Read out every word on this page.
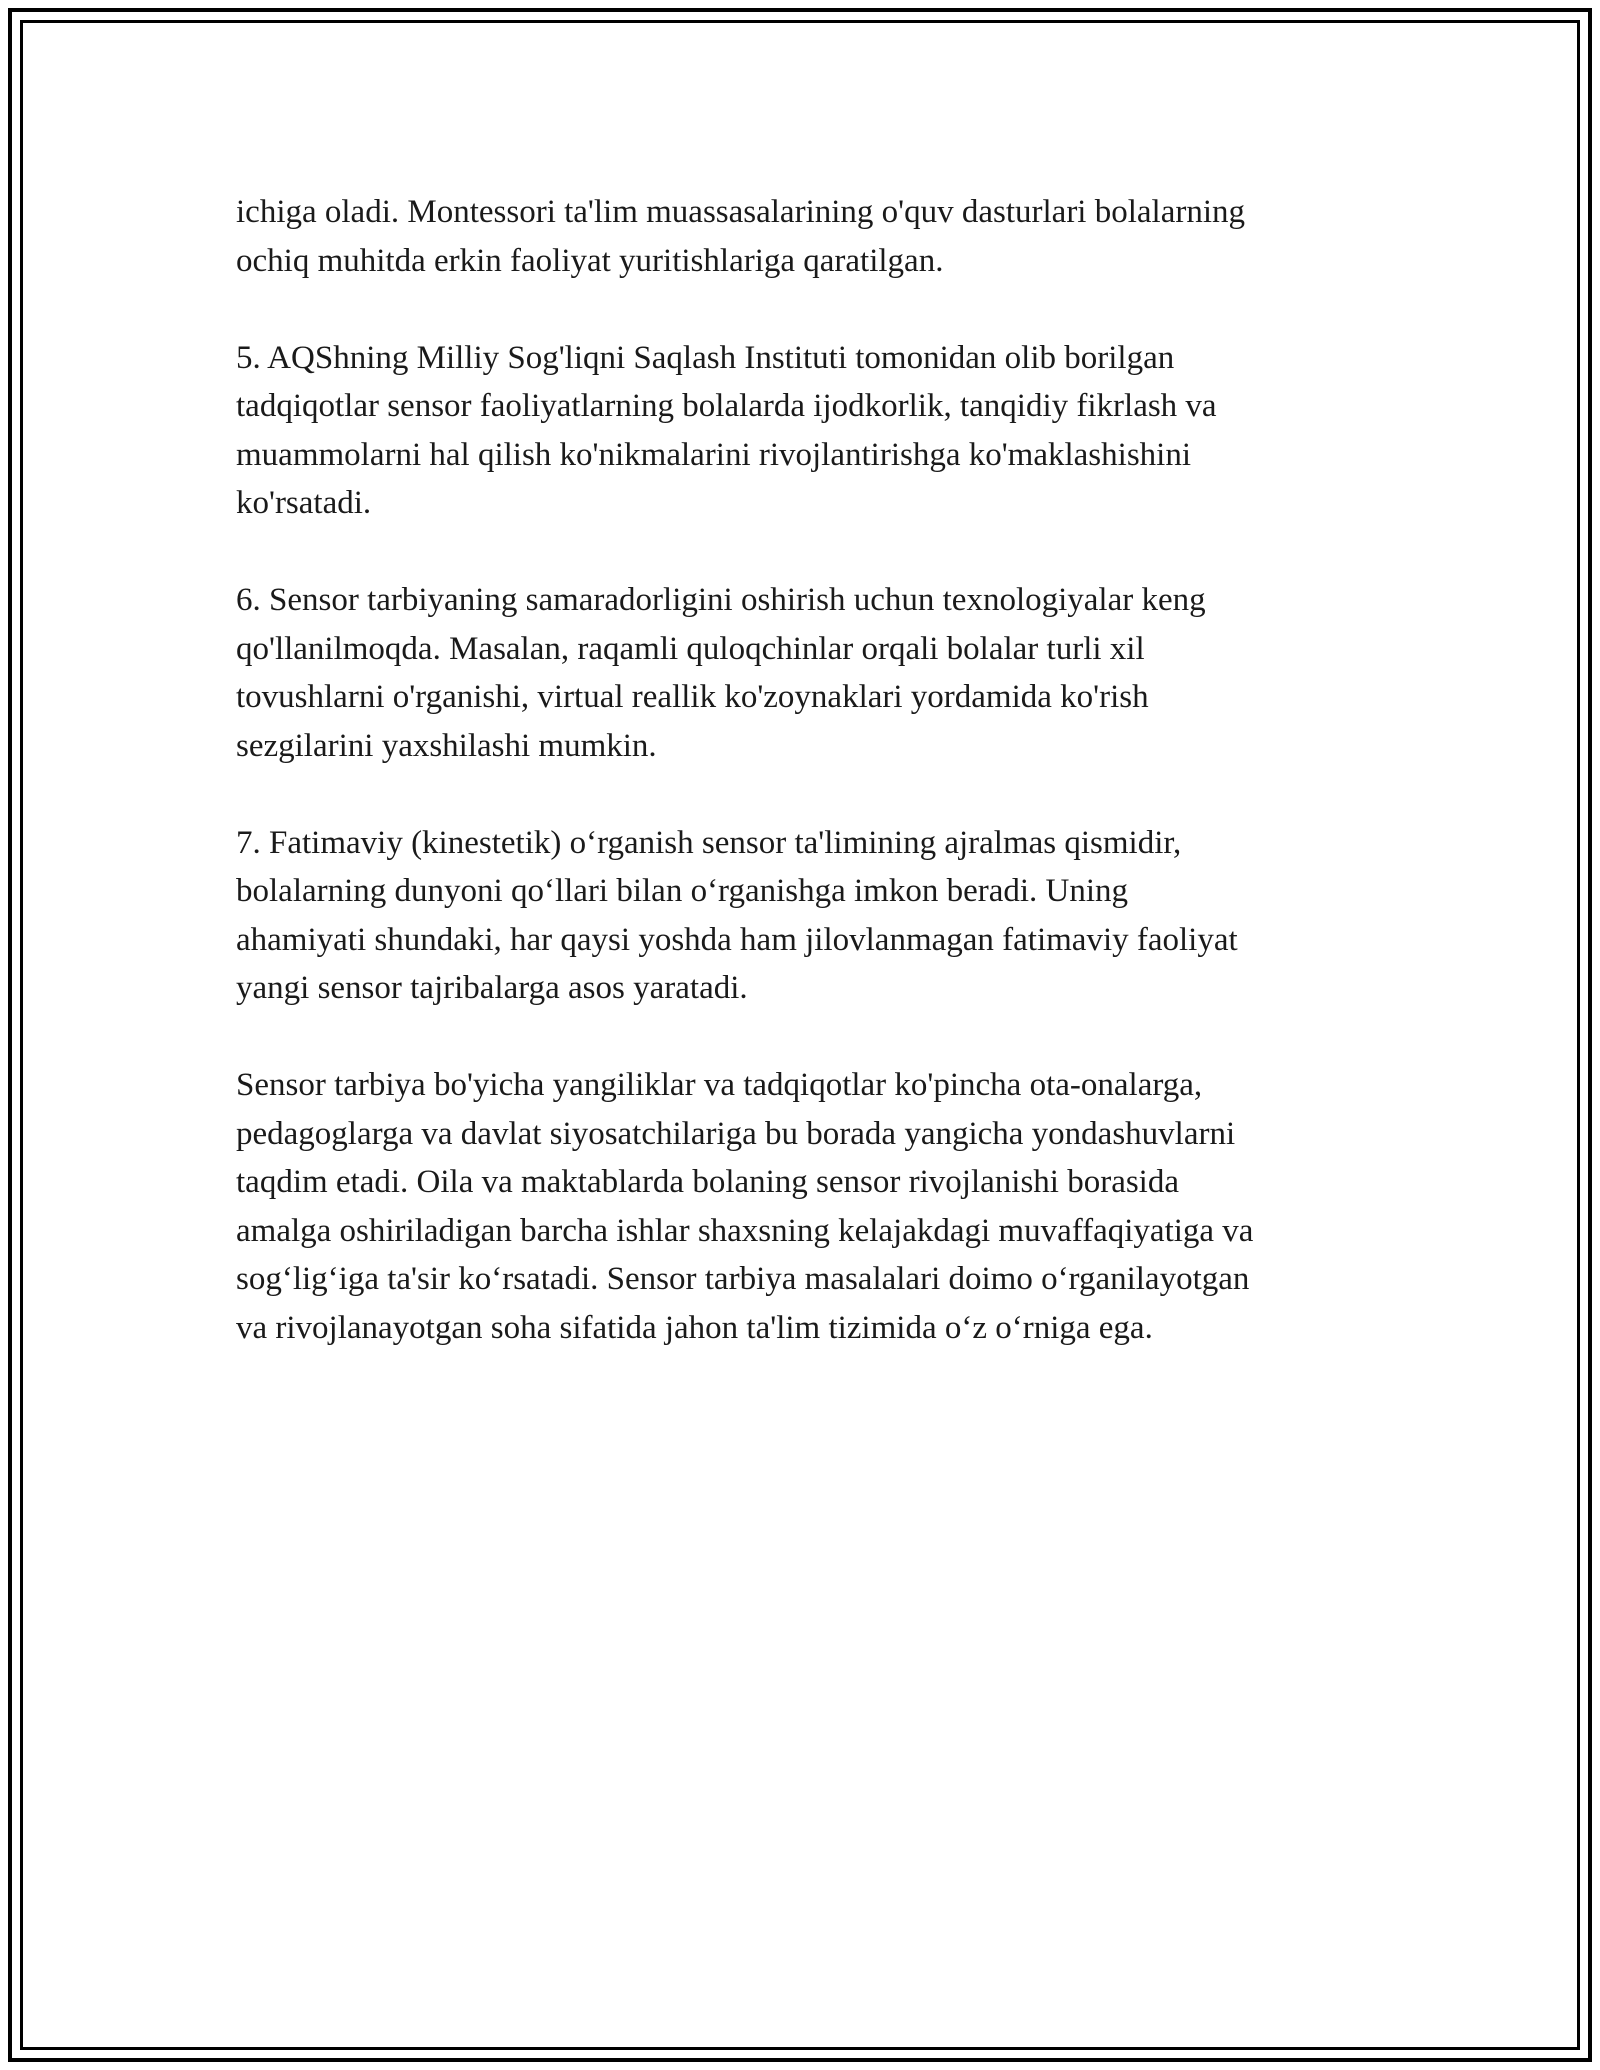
ichiga oladi. Montessori ta'lim muassasalarining o'quv dasturlari bolalarning
ochiq muhitda erkin faoliyat yuritishlariga qaratilgan.

5. AQShning Milliy Sog'liqni Saqlash Instituti tomonidan olib borilgan
tadqiqotlar sensor faoliyatlarning bolalarda ijodkorlik, tanqidiy fikrlash va
muammolarni hal qilish ko'nikmalarini rivojlantirishga ko'maklashishini
ko'rsatadi.

6. Sensor tarbiyaning samaradorligini oshirish uchun texnologiyalar keng
qo'llanilmoqda. Masalan, raqamli quloqchinlar orqali bolalar turli xil
tovushlarni o'rganishi, virtual reallik ko'zoynaklari yordamida ko'rish
sezgilarini yaxshilashi mumkin.

7. Fatimaviy (kinestetik) o‘rganish sensor ta'limining ajralmas qismidir,
bolalarning dunyoni qo‘llari bilan o‘rganishga imkon beradi. Uning
ahamiyati shundaki, har qaysi yoshda ham jilovlanmagan fatimaviy faoliyat
yangi sensor tajribalarga asos yaratadi.

Sensor tarbiya bo'yicha yangiliklar va tadqiqotlar ko'pincha ota-onalarga,
pedagoglarga va davlat siyosatchilariga bu borada yangicha yondashuvlarni
taqdim etadi. Oila va maktablarda bolaning sensor rivojlanishi borasida
amalga oshiriladigan barcha ishlar shaxsning kelajakdagi muvaffaqiyatiga va
sog‘lig‘iga ta'sir ko‘rsatadi. Sensor tarbiya masalalari doimo o‘rganilayotgan
va rivojlanayotgan soha sifatida jahon ta'lim tizimida o‘z o‘rniga ega.
